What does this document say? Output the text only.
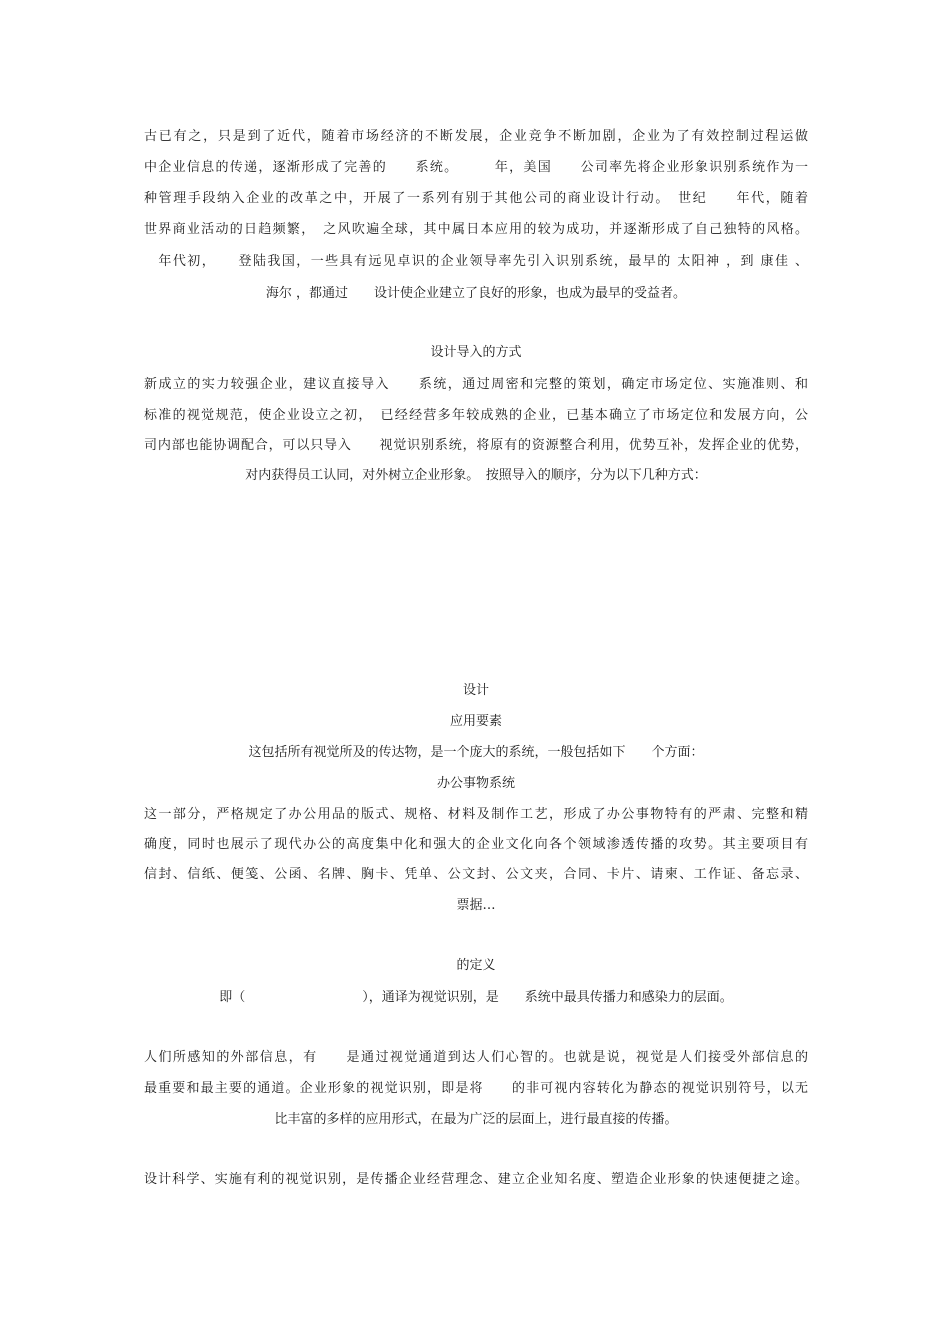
古已有之，只是到了近代，随着市场经济的不断发展，企业竞争不断加剧，企业为了有效控制过程运做
中企业信息的传递，逐渐形成了完善的　　系统。　　　年，美国　　公司率先将企业形象识别系统作为一
种管理手段纳入企业的改革之中，开展了一系列有别于其他公司的商业设计行动。　世纪　　年代，随着
世界商业活动的日趋频繁，　之风吹遍全球，其中属日本应用的较为成功，并逐渐形成了自己独特的风格。
　年代初，　　登陆我国，一些具有远见卓识的企业领导率先引入识别系统，最早的 太阳神 ，到 康佳 、
海尔 ，都通过　　设计使企业建立了良好的形象，也成为最早的受益者。
设计导入的方式
新成立的实力较强企业，建议直接导入　　系统，通过周密和完整的策划，确定市场定位、实施准则、和
标准的视觉规范，使企业设立之初，　已经经营多年较成熟的企业，已基本确立了市场定位和发展方向，公
司内部也能协调配合，可以只导入　　视觉识别系统，将原有的资源整合利用，优势互补，发挥企业的优势，
对内获得员工认同，对外树立企业形象。　按照导入的顺序，分为以下几种方式：
设计
应用要素
这包括所有视觉所及的传达物，是一个庞大的系统，一般包括如下　　个方面：
办公事物系统
这一部分，严格规定了办公用品的版式、规格、材料及制作工艺，形成了办公事物特有的严肃、完整和精
确度，同时也展示了现代办公的高度集中化和强大的企业文化向各个领域渗透传播的攻势。其主要项目有
信封、信纸、便笺、公函、名牌、胸卡、凭单、公文封、公文夹，合同、卡片、请柬、工作证、备忘录、
票据…
的定义
即（　　　　　　　　　），通译为视觉识别，是　　系统中最具传播力和感染力的层面。
人们所感知的外部信息，有　　是通过视觉通道到达人们心智的。也就是说，视觉是人们接受外部信息的
最重要和最主要的通道。企业形象的视觉识别，即是将　　的非可视内容转化为静态的视觉识别符号，以无
比丰富的多样的应用形式，在最为广泛的层面上，进行最直接的传播。
设计科学、实施有利的视觉识别，是传播企业经营理念、建立企业知名度、塑造企业形象的快速便捷之途。
